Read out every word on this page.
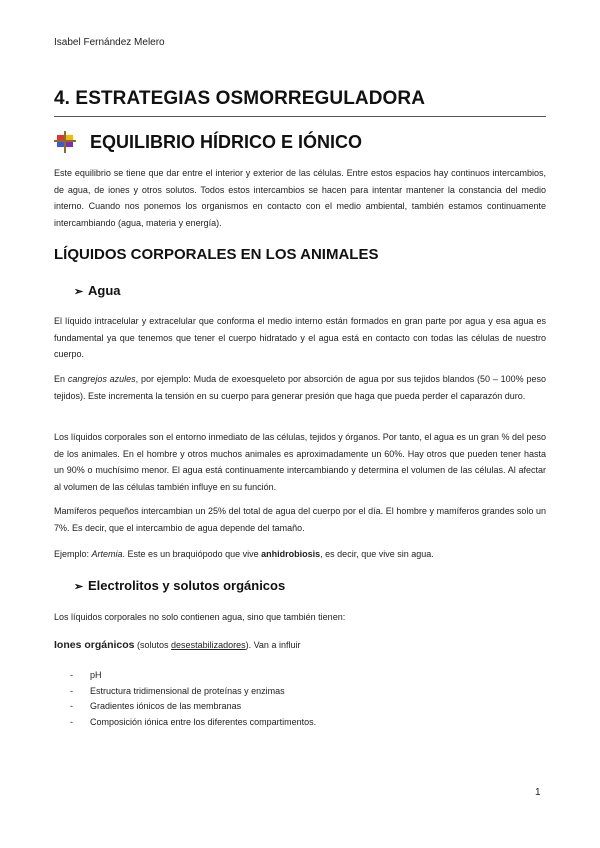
Isabel Fernández Melero
4. ESTRATEGIAS OSMORREGULADORA
EQUILIBRIO HÍDRICO E IÓNICO
Este equilibrio se tiene que dar entre el interior y exterior de las células. Entre estos espacios hay continuos intercambios, de agua, de iones y otros solutos. Todos estos intercambios se hacen para intentar mantener la constancia del medio interno. Cuando nos ponemos los organismos en contacto con el medio ambiental, también estamos continuamente intercambiando (agua, materia y energía).
LÍQUIDOS CORPORALES EN LOS ANIMALES
➢ Agua
El líquido intracelular y extracelular que conforma el medio interno están formados en gran parte por agua y esa agua es fundamental ya que tenemos que tener el cuerpo hidratado y el agua está en contacto con todas las células de nuestro cuerpo.
En cangrejos azules, por ejemplo: Muda de exoesqueleto por absorción de agua por sus tejidos blandos (50 – 100% peso tejidos). Este incrementa la tensión en su cuerpo para generar presión que haga que pueda perder el caparazón duro.
Los líquidos corporales son el entorno inmediato de las células, tejidos y órganos. Por tanto, el agua es un gran % del peso de los animales. En el hombre y otros muchos animales es aproximadamente un 60%. Hay otros que pueden tener hasta un 90% o muchísimo menor. El agua está continuamente intercambiando y determina el volumen de las células. Al afectar al volumen de las células también influye en su función.
Mamíferos pequeños intercambian un 25% del total de agua del cuerpo por el día. El hombre y mamíferos grandes solo un 7%. Es decir, que el intercambio de agua depende del tamaño.
Ejemplo: Artemia. Este es un braquiópodo que vive anhidrobiosis, es decir, que vive sin agua.
➢ Electrolitos y solutos orgánicos
Los líquidos corporales no solo contienen agua, sino que también tienen:
Iones orgánicos (solutos desestabilizadores). Van a influir
- pH
- Estructura tridimensional de proteínas y enzimas
- Gradientes iónicos de las membranas
- Composición iónica entre los diferentes compartimentos.
1
